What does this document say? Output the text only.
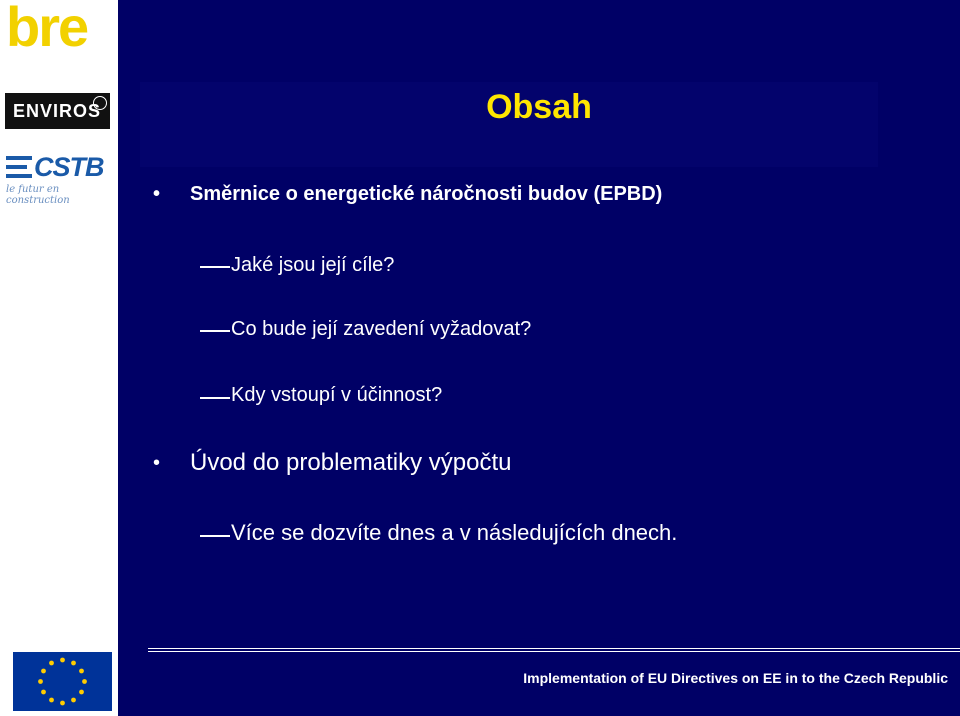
bre
ENVIROS
CSTB
le futur en construction
Obsah
• Směrnice o energetické náročnosti budov (EPBD)
Jaké jsou její cíle?
Co bude její zavedení vyžadovat?
Kdy vstoupí v účinnost?
• Úvod do problematiky výpočtu
Více se dozvíte dnes a v následujících dnech.
Implementation of EU Directives on EE in to the Czech Republic
